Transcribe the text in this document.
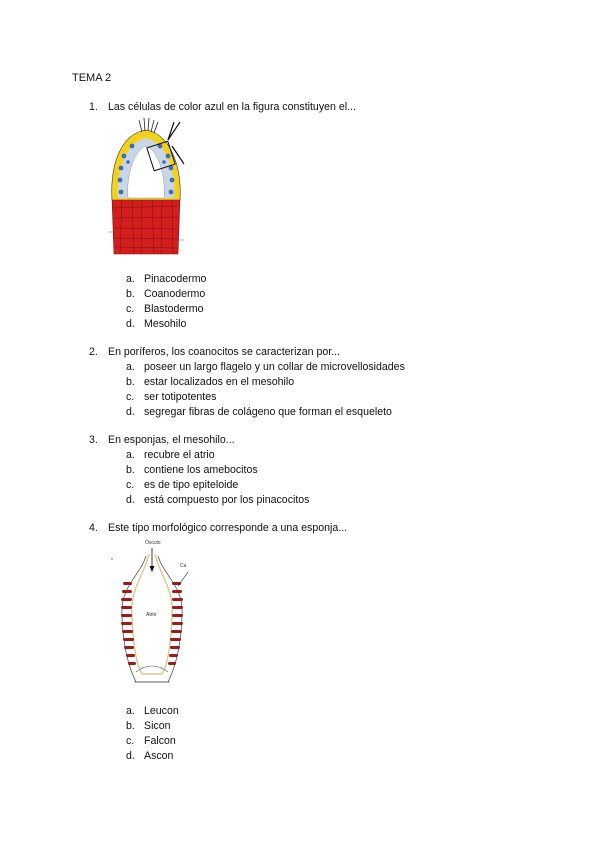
TEMA 2
1. Las células de color azul en la figura constituyen el...
a. Pinacodermo
b. Coanodermo
c. Blastodermo
d. Mesohilo
2. En poríferos, los coanocitos se caracterizan por...
a. poseer un largo flagelo y un collar de microvellosidades
b. estar localizados en el mesohilo
c. ser totipotentes
d. segregar fibras de colágeno que forman el esqueleto
3. En esponjas, el mesohilo...
a. recubre el atrio
b. contiene los amebocitos
c. es de tipo epiteloide
d. está compuesto por los pinacocitos
4. Este tipo morfológico corresponde a una esponja...
Ósculo
Atrio
Ca
*
a. Leucon
b. Sicon
c. Falcon
d. Ascon
